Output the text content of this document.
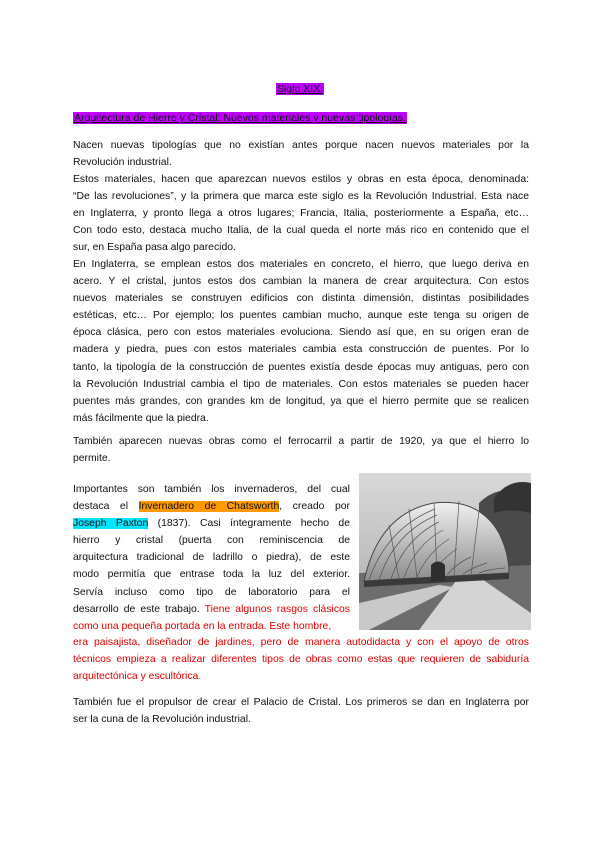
Siglo XIX:
Arquitectura de Hierro y Cristal: Nuevos materiales y nuevas tipologías.
Nacen nuevas tipologías que no existían antes porque nacen nuevos materiales por la
Revolución industrial.
Estos materiales, hacen que aparezcan nuevos estilos y obras en esta época, denominada:
“De las revoluciones”, y la primera que marca este siglo es la Revolución Industrial. Esta nace
en Inglaterra, y pronto llega a otros lugares; Francia, Italia, posteriormente a España, etc…
Con todo esto, destaca mucho Italia, de la cual queda el norte más rico en contenido que el
sur, en España pasa algo parecido.
En Inglaterra, se emplean estos dos materiales en concreto, el hierro, que luego deriva en
acero. Y el cristal, juntos estos dos cambian la manera de crear arquitectura. Con estos
nuevos materiales se construyen edificios con distinta dimensión, distintas posibilidades
estéticas, etc… Por ejemplo; los puentes cambian mucho, aunque este tenga su origen de
época clásica, pero con estos materiales evoluciona. Siendo así que, en su origen eran de
madera y piedra, pues con estos materiales cambia esta construcción de puentes. Por lo
tanto, la tipología de la construcción de puentes existía desde épocas muy antiguas, pero con
la Revolución Industrial cambia el tipo de materiales. Con estos materiales se pueden hacer
puentes más grandes, con grandes km de longitud, ya que el hierro permite que se realicen
más fácilmente que la piedra.
También aparecen nuevas obras como el ferrocarril a partir de 1920, ya que el hierro lo
permite.
Importantes son también los invernaderos, del cual
destaca el Invernadero de Chatsworth, creado por
Joseph Paxton (1837). Casi íntegramente hecho de
hierro y cristal (puerta con reminiscencia de
arquitectura tradicional de ladrillo o piedra), de este
modo permitía que entrase toda la luz del exterior.
Servía incluso como tipo de laboratorio para el
desarrollo de este trabajo. Tiene algunos rasgos clásicos
como una pequeña portada en la entrada. Este hombre,
era paisajista, diseñador de jardines, pero de manera autodidacta y con el apoyo de otros
técnicos empieza a realizar diferentes tipos de obras como estas que requieren de sabiduría
arquitectónica y escultórica.
También fue el propulsor de crear el Palacio de Cristal. Los primeros se dan en Inglaterra por
ser la cuna de la Revolución industrial.
